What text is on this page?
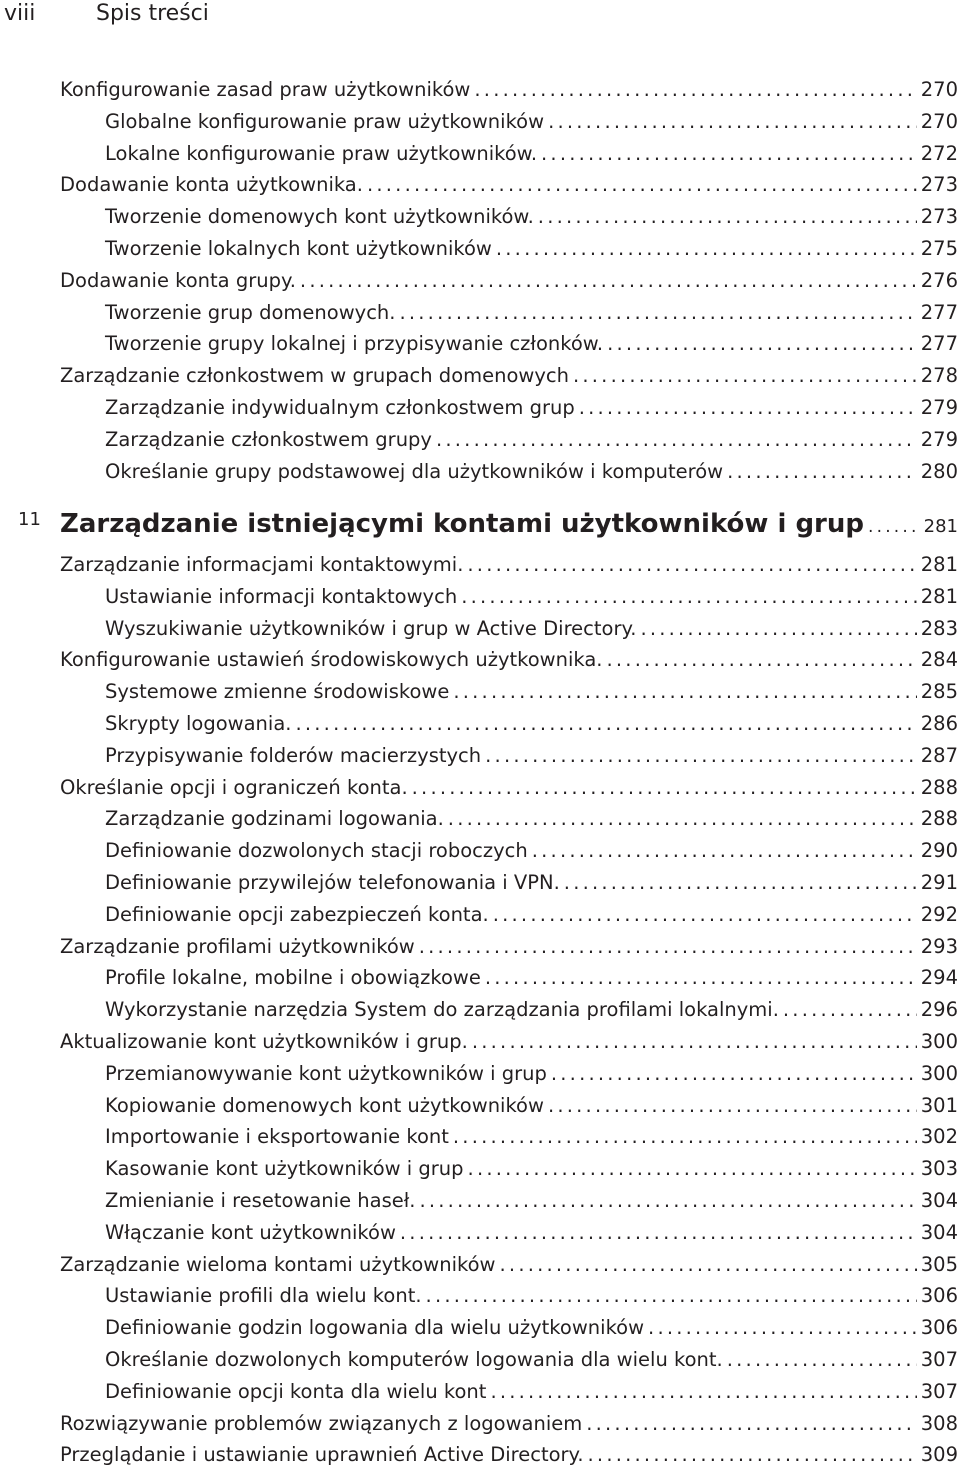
viii	Spis treści
Konfigurowanie zasad praw użytkowników .....	270
Globalne konfigurowanie praw użytkowników .....	270
Lokalne konfigurowanie praw użytkowników. .....	272
Dodawanie konta użytkownika. .....	273
Tworzenie domenowych kont użytkowników. .....	273
Tworzenie lokalnych kont użytkowników .....	275
Dodawanie konta grupy. .....	276
Tworzenie grup domenowych. .....	277
Tworzenie grupy lokalnej i przypisywanie członków. .....	277
Zarządzanie członkostwem w grupach domenowych .....	278
Zarządzanie indywidualnym członkostwem grup .....	279
Zarządzanie członkostwem grupy .....	279
Określanie grupy podstawowej dla użytkowników i komputerów .....	280
11 Zarządzanie istniejącymi kontami użytkowników i grup .....	281
Zarządzanie informacjami kontaktowymi. .....	281
Ustawianie informacji kontaktowych .....	281
Wyszukiwanie użytkowników i grup w Active Directory. .....	283
Konfigurowanie ustawień środowiskowych użytkownika. .....	284
Systemowe zmienne środowiskowe .....	285
Skrypty logowania. .....	286
Przypisywanie folderów macierzystych .....	287
Określanie opcji i ograniczeń konta. .....	288
Zarządzanie godzinami logowania. .....	288
Definiowanie dozwolonych stacji roboczych .....	290
Definiowanie przywilejów telefonowania i VPN. .....	291
Definiowanie opcji zabezpieczeń konta. .....	292
Zarządzanie profilami użytkowników .....	293
Profile lokalne, mobilne i obowiązkowe .....	294
Wykorzystanie narzędzia System do zarządzania profilami lokalnymi. .....	296
Aktualizowanie kont użytkowników i grup. .....	300
Przemianowywanie kont użytkowników i grup .....	300
Kopiowanie domenowych kont użytkowników .....	301
Importowanie i eksportowanie kont .....	302
Kasowanie kont użytkowników i grup .....	303
Zmienianie i resetowanie haseł. .....	304
Włączanie kont użytkowników .....	304
Zarządzanie wieloma kontami użytkowników .....	305
Ustawianie profili dla wielu kont. .....	306
Definiowanie godzin logowania dla wielu użytkowników .....	306
Określanie dozwolonych komputerów logowania dla wielu kont. .....	307
Definiowanie opcji konta dla wielu kont .....	307
Rozwiązywanie problemów związanych z logowaniem .....	308
Przeglądanie i ustawianie uprawnień Active Directory. .....	309
